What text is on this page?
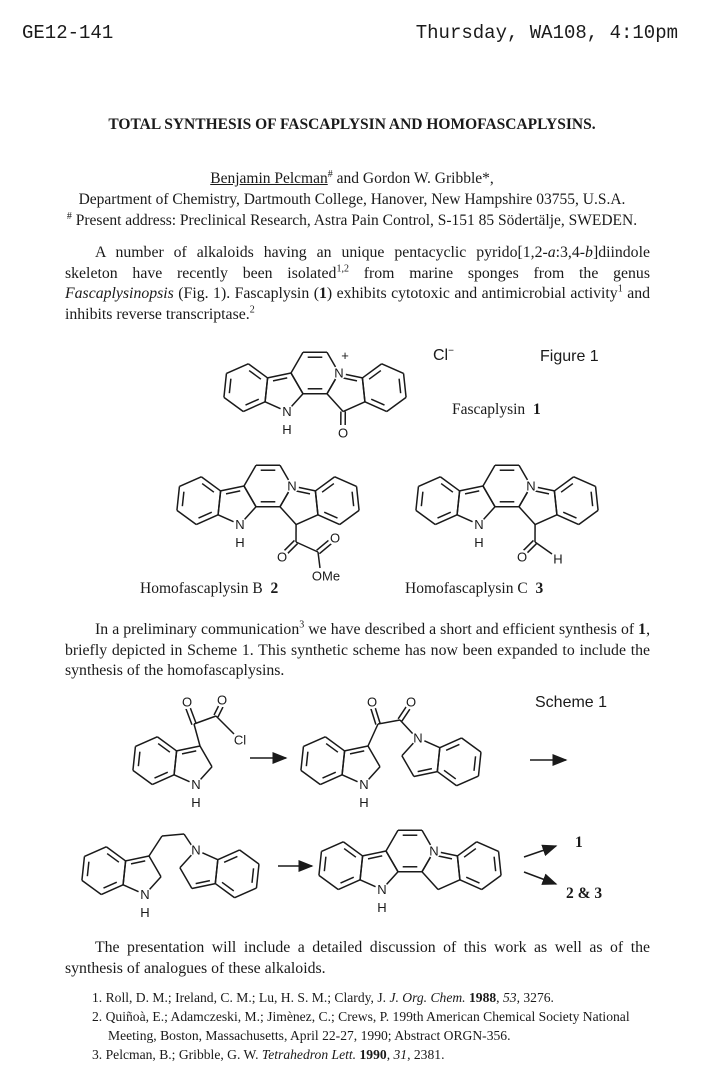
GE12-141	Thursday, WA108, 4:10pm
TOTAL SYNTHESIS OF FASCAPLYSIN AND HOMOFASCAPLYSINS.
Benjamin Pelcman# and Gordon W. Gribble*,
Department of Chemistry, Dartmouth College, Hanover, New Hampshire 03755, U.S.A.
# Present address: Preclinical Research, Astra Pain Control, S-151 85 Södertälje, SWEDEN.
A number of alkaloids having an unique pentacyclic pyrido[1,2-a:3,4-b]diindole skeleton have recently been isolated$^{1,2}$ from marine sponges from the genus Fascaplysinopsis (Fig. 1). Fascaplysin (1) exhibits cytotoxic and antimicrobial activity$^1$ and inhibits reverse transcriptase.$^2$
Cl−	Figure 1
Fascaplysin 1
Homofascaplysin B 2	Homofascaplysin C 3
In a preliminary communication$^3$ we have described a short and efficient synthesis of 1, briefly depicted in Scheme 1. This synthetic scheme has now been expanded to include the synthesis of the homofascaplysins.
Scheme 1
1
2 & 3
The presentation will include a detailed discussion of this work as well as of the synthesis of analogues of these alkaloids.
1. Roll, D. M.; Ireland, C. M.; Lu, H. S. M.; Clardy, J. J. Org. Chem. 1988, 53, 3276.
2. Quiñoà, E.; Adamczeski, M.; Jimènez, C.; Crews, P. 199th American Chemical Society National Meeting, Boston, Massachusetts, April 22-27, 1990; Abstract ORGN-356.
3. Pelcman, B.; Gribble, G. W. Tetrahedron Lett. 1990, 31, 2381.
N
H
N
O
+
N
H
N
O
O
OMe
N
H
N
O H
N
H
O O
Cl
N
H
O O
N
N
H
N
N
H
N
